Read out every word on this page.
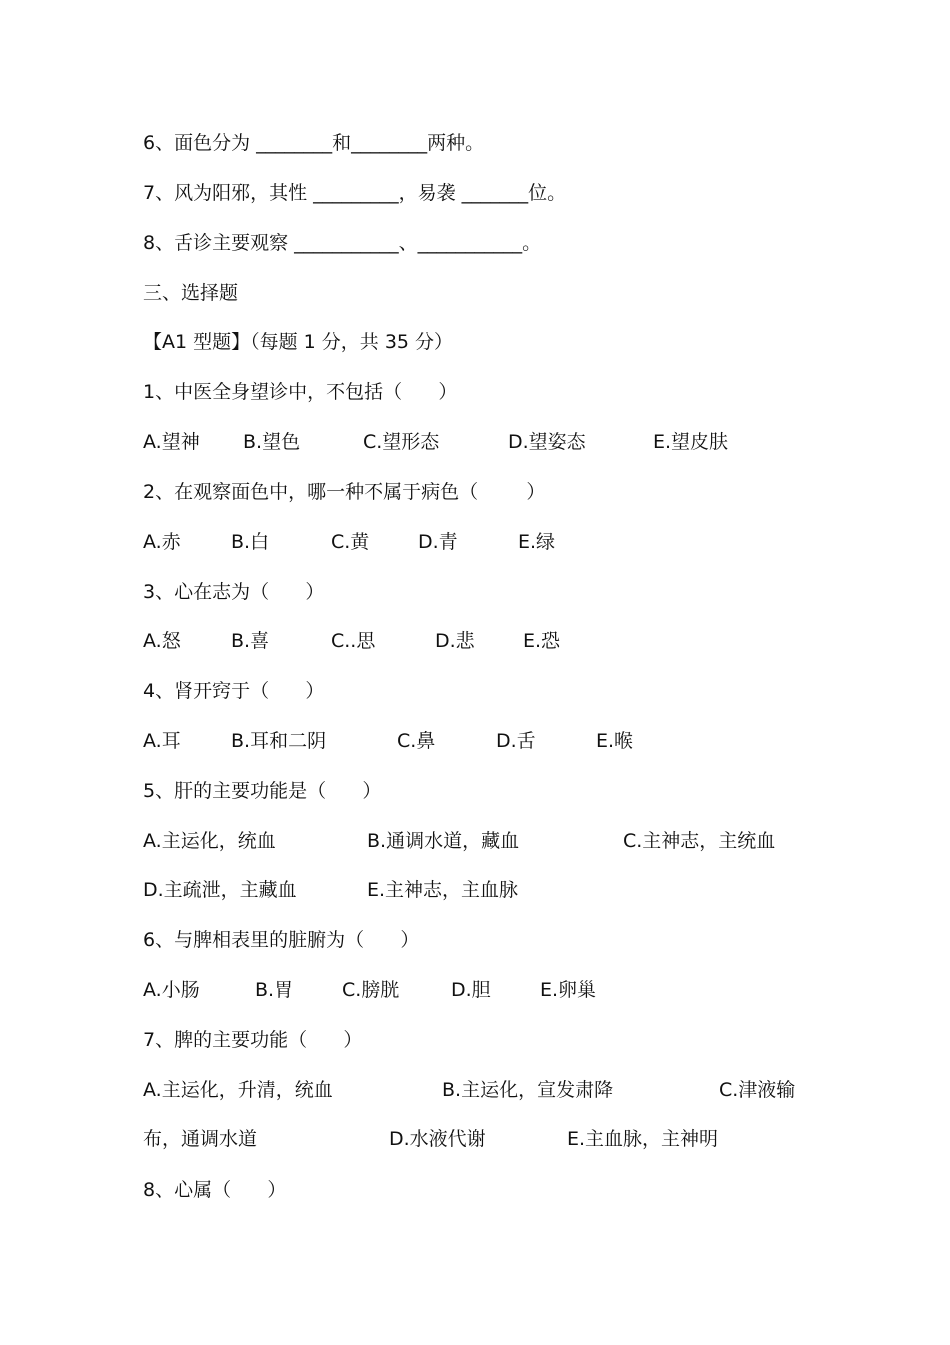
6、面色分为 ________和________两种。

7、风为阳邪，其性 _________，易袭 _______位。

8、舌诊主要观察 ___________、___________。

三、选择题

【A1 型题】（每题 1 分，共 35 分）

1、中医全身望诊中，不包括（      ）

A.望神 B.望色	C.望形态	D.望姿态	E.望皮肤

2、在观察面色中，哪一种不属于病色（        ）

A.赤	B.白	C.黄	D.青	E.绿

3、心在志为（      ）

A.怒	B.喜	C..思	D.悲	E.恐

4、肾开窍于（      ）

A.耳	B.耳和二阴	C.鼻	D.舌	E.喉

5、肝的主要功能是（      ）

A.主运化，统血	B.通调水道，藏血	C.主神志，主统血
D.主疏泄，主藏血	E.主神志，主血脉

6、与脾相表里的脏腑为（      ）

A.小肠	B.胃	C.膀胱	D.胆	E.卵巢

7、脾的主要功能（      ）

A.主运化，升清，统血	B.主运化，宣发肃降	C.津液输
布，通调水道	D.水液代谢	E.主血脉，主神明

8、心属（      ）
